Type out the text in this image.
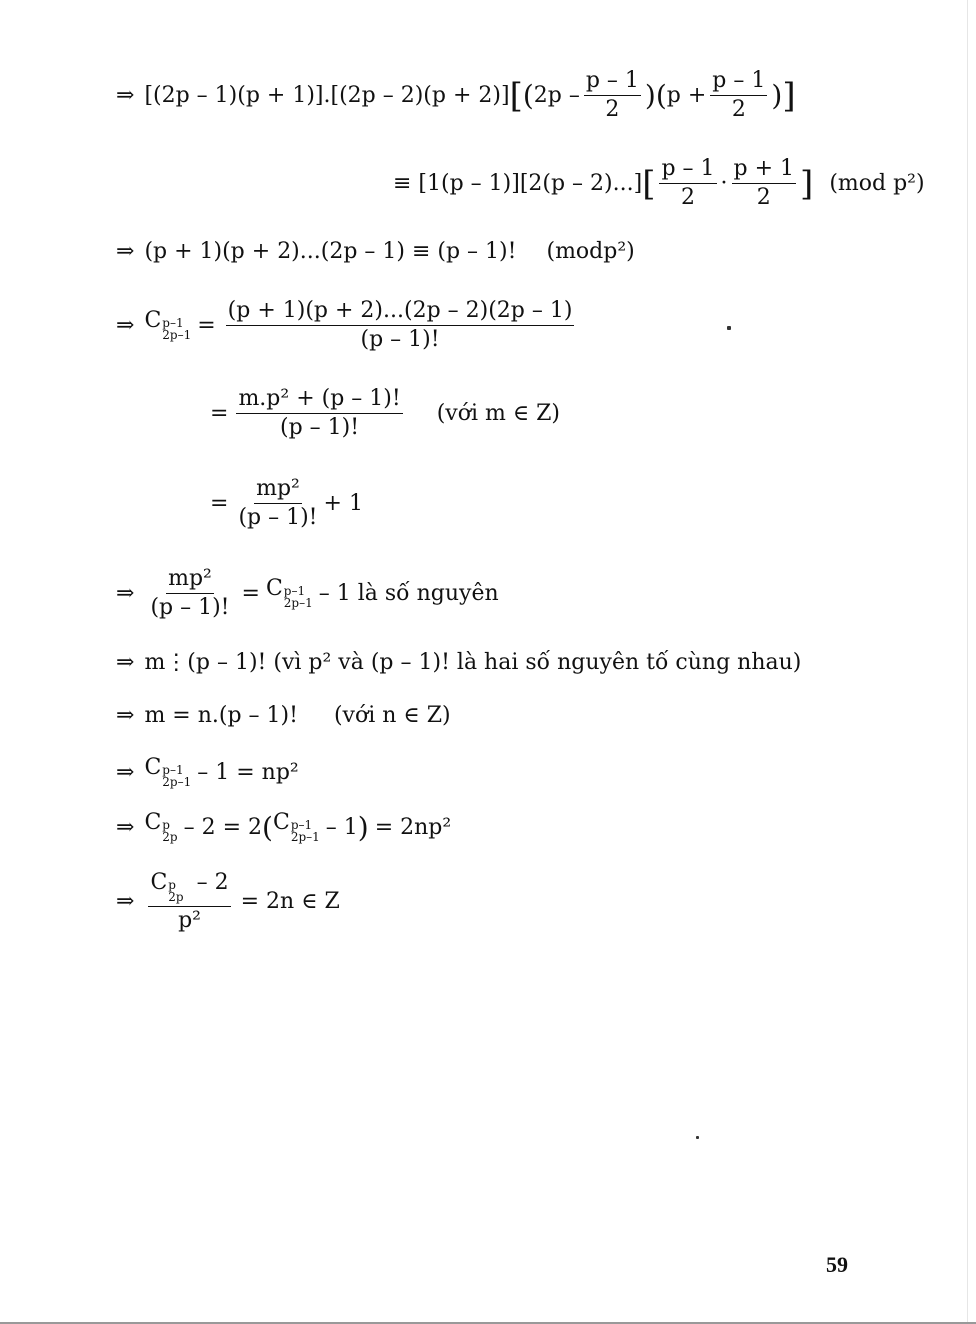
⇒ [(2p – 1)(p + 1)].[(2p – 2)(p + 2)] [ ( $2p - \frac{p - 1}{2}$ )( $p + \frac{p - 1}{2}$ ) ]
≡ [1(p – 1)][2(p – 2)...] [ $\frac{p - 1}{2} \cdot \frac{p + 1}{2}$ ] (mod p²)
⇒ (p + 1)(p + 2)...(2p – 1) ≡ (p – 1)! (modp²)
⇒ C p–1
$2p-1 = \frac{(p + 1)(p + 2)...(2p - 2)(2p - 1)}{(p - 1)!}$
= $\frac{\text{m.p² + (p – 1)!}}{(p - 1)!}$ (với m ∈ Z)
= $\frac{\text{mp²}}{(p - 1)!} + 1$
⇒ $\frac{\text{mp²}}{(p - 1)!} = C$ p–1
2p–1 – 1 là số nguyên
⇒ m⋮(p – 1)! (vì p² và (p – 1)! là hai số nguyên tố cùng nhau)
⇒ m = n.(p – 1)! (với n ∈ Z)
⇒ C p–1
2p–1 – 1 = np²
⇒ C p
2p – 2 = 2 ( C p–1
2p–1 – 1 ) = 2np²
⇒ C p
2p
– 2
p² = 2n ∈ Z
59
